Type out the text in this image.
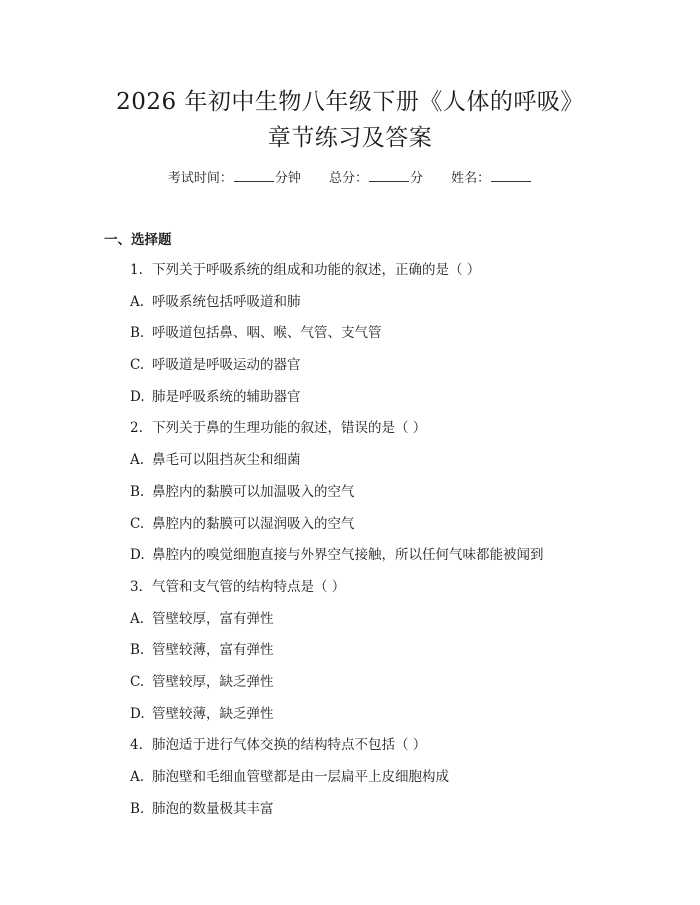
2026 年初中生物八年级下册《人体的呼吸》
章节练习及答案
考试时间：	分钟 总分：	分 姓名：
一、选择题
1. 下列关于呼吸系统的组成和功能的叙述，正确的是（ ）
A. 呼吸系统包括呼吸道和肺
B. 呼吸道包括鼻、咽、喉、气管、支气管
C. 呼吸道是呼吸运动的器官
D. 肺是呼吸系统的辅助器官
2. 下列关于鼻的生理功能的叙述，错误的是（ ）
A. 鼻毛可以阻挡灰尘和细菌
B. 鼻腔内的黏膜可以加温吸入的空气
C. 鼻腔内的黏膜可以湿润吸入的空气
D. 鼻腔内的嗅觉细胞直接与外界空气接触，所以任何气味都能被闻到
3. 气管和支气管的结构特点是（ ）
A. 管壁较厚，富有弹性
B. 管壁较薄，富有弹性
C. 管壁较厚，缺乏弹性
D. 管壁较薄，缺乏弹性
4. 肺泡适于进行气体交换的结构特点不包括（ ）
A. 肺泡壁和毛细血管壁都是由一层扁平上皮细胞构成
B. 肺泡的数量极其丰富
